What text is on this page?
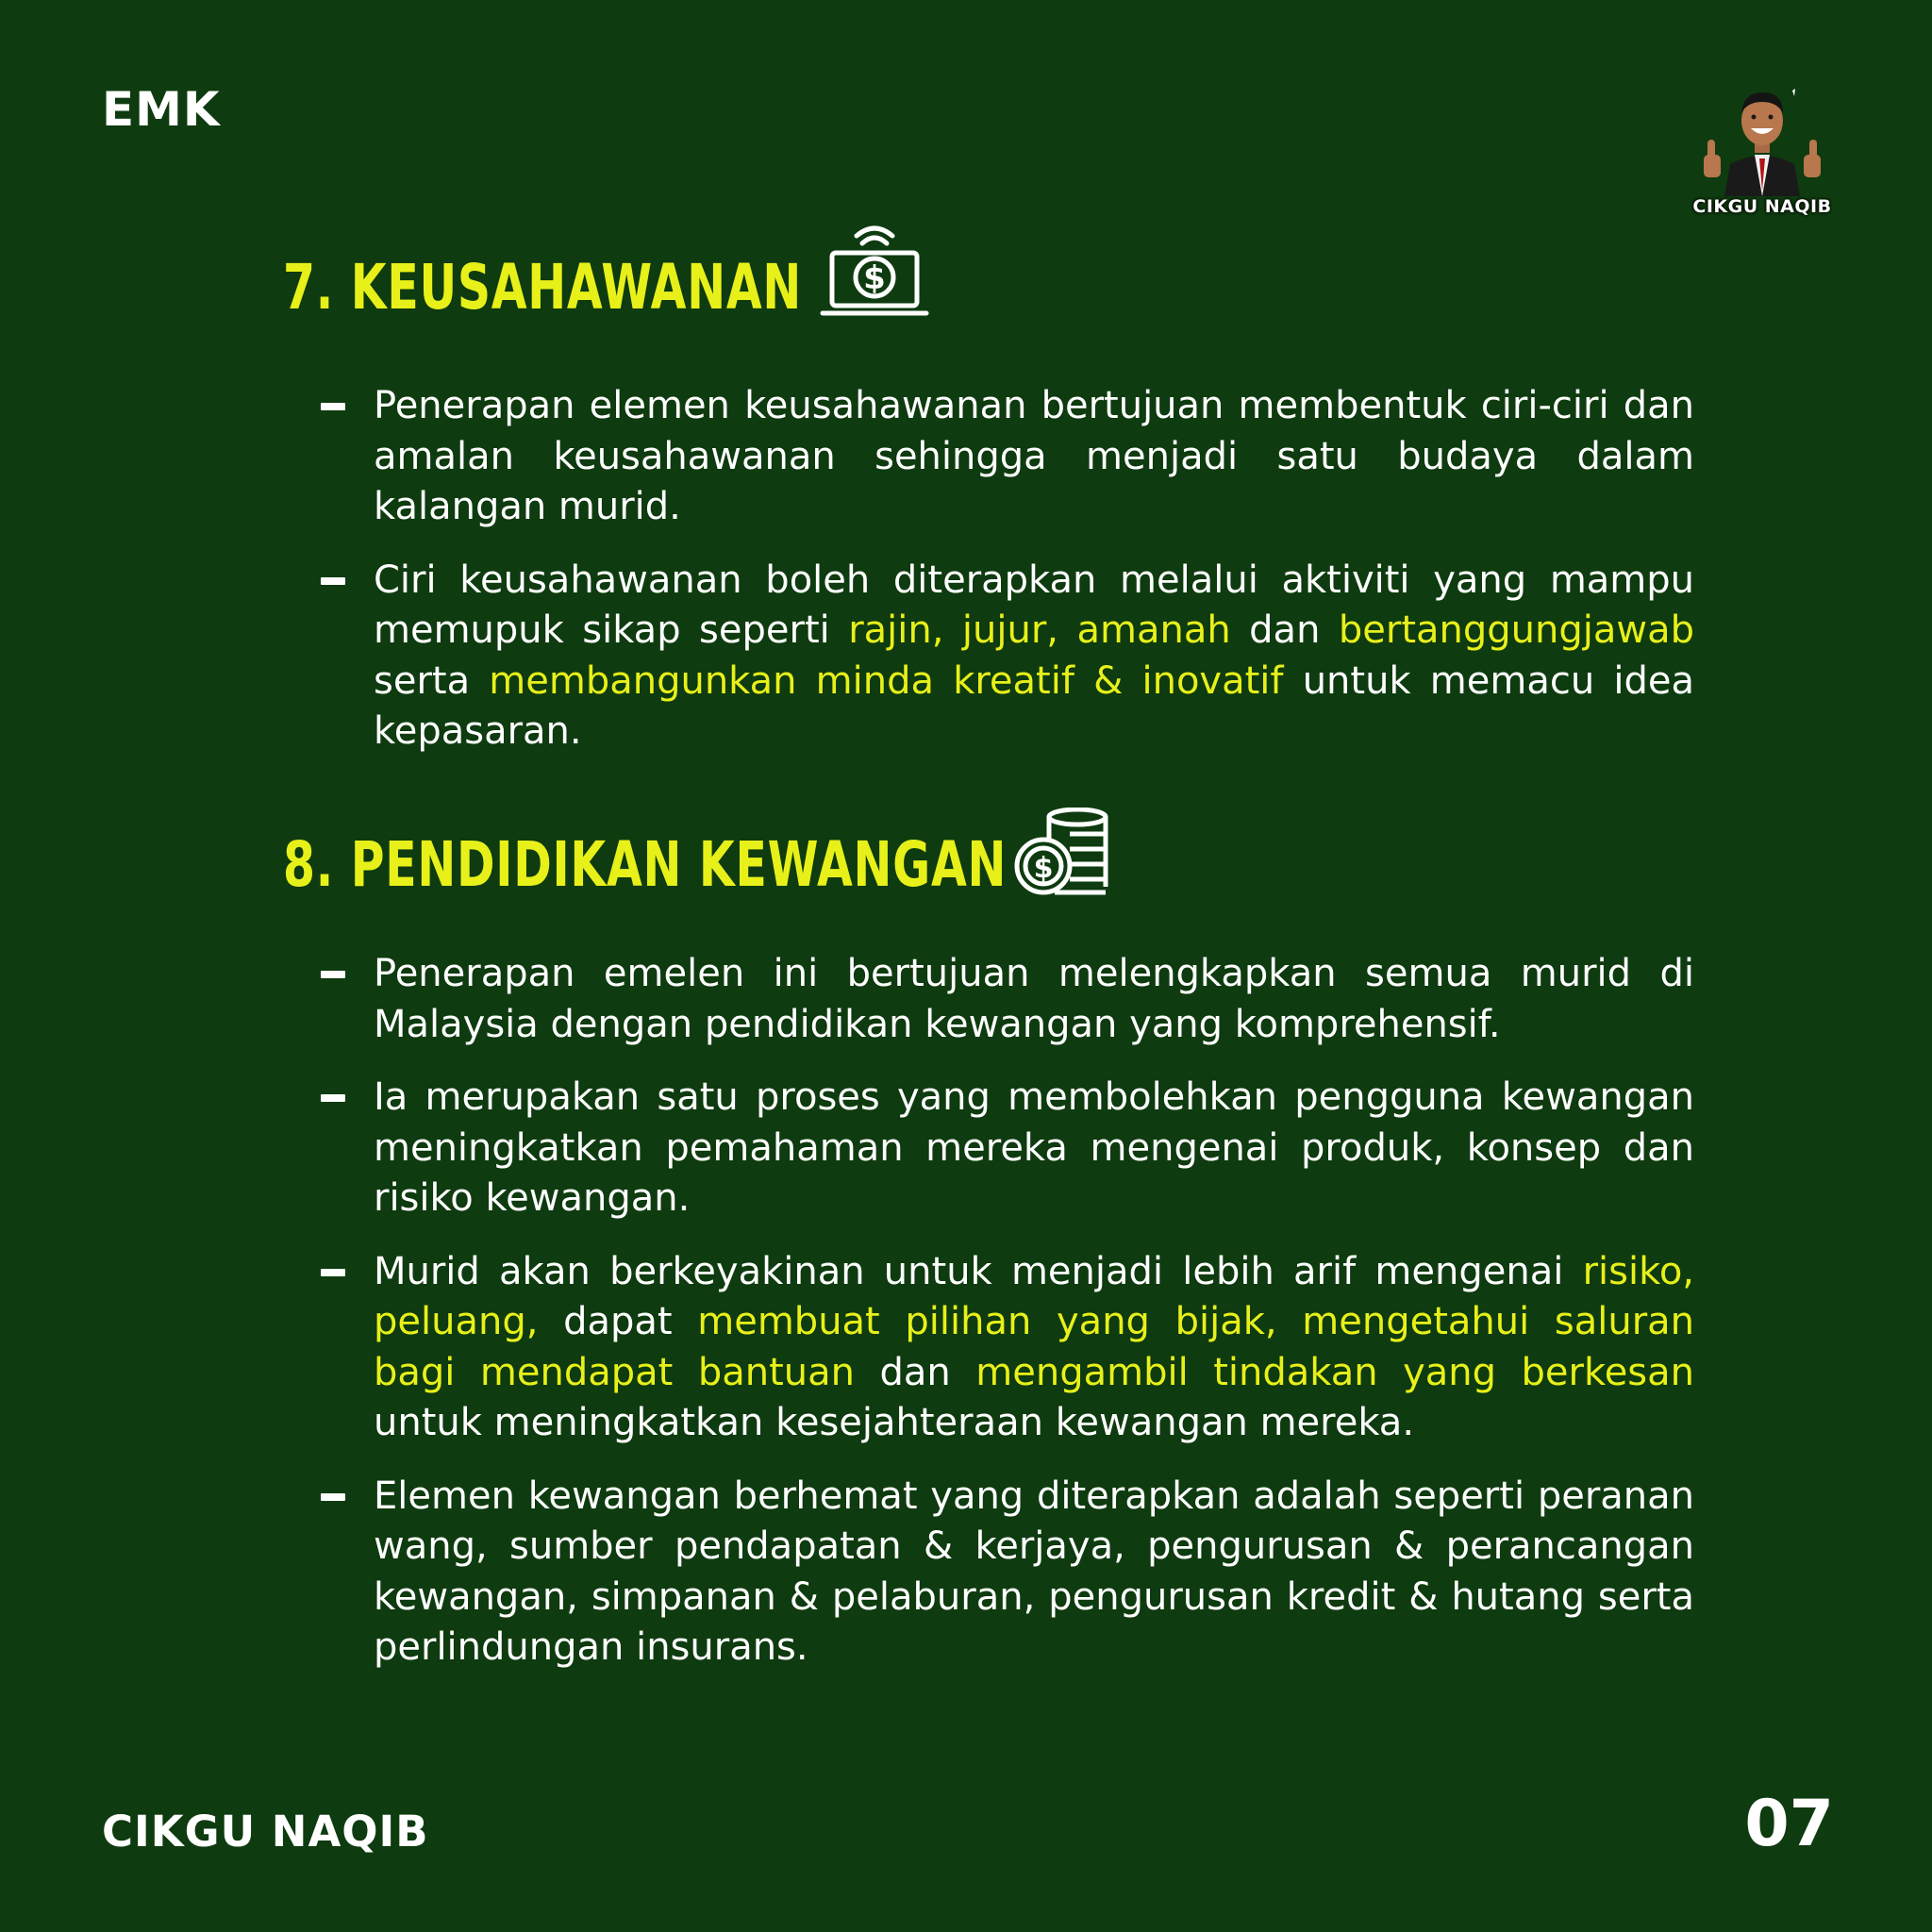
EMK
CIKGU NAQIB
7. KEUSAHAWANAN $
Penerapan elemen keusahawanan bertujuan membentuk ciri-ciri dan amalan keusahawanan sehingga menjadi satu budaya dalam kalangan murid.
Ciri keusahawanan boleh diterapkan melalui aktiviti yang mampu memupuk sikap seperti rajin, jujur, amanah dan bertanggungjawab serta membangunkan minda kreatif & inovatif untuk memacu idea kepasaran.
8. PENDIDIKAN KEWANGAN $
Penerapan emelen ini bertujuan melengkapkan semua murid di Malaysia dengan pendidikan kewangan yang komprehensif.
Ia merupakan satu proses yang membolehkan pengguna kewangan meningkatkan pemahaman mereka mengenai produk, konsep dan risiko kewangan.
Murid akan berkeyakinan untuk menjadi lebih arif mengenai risiko, peluang, dapat membuat pilihan yang bijak, mengetahui saluran bagi mendapat bantuan dan mengambil tindakan yang berkesan untuk meningkatkan kesejahteraan kewangan mereka.
Elemen kewangan berhemat yang diterapkan adalah seperti peranan wang, sumber pendapatan & kerjaya, pengurusan & perancangan kewangan, simpanan & pelaburan, pengurusan kredit & hutang serta perlindungan insurans.
CIKGU NAQIB	07
